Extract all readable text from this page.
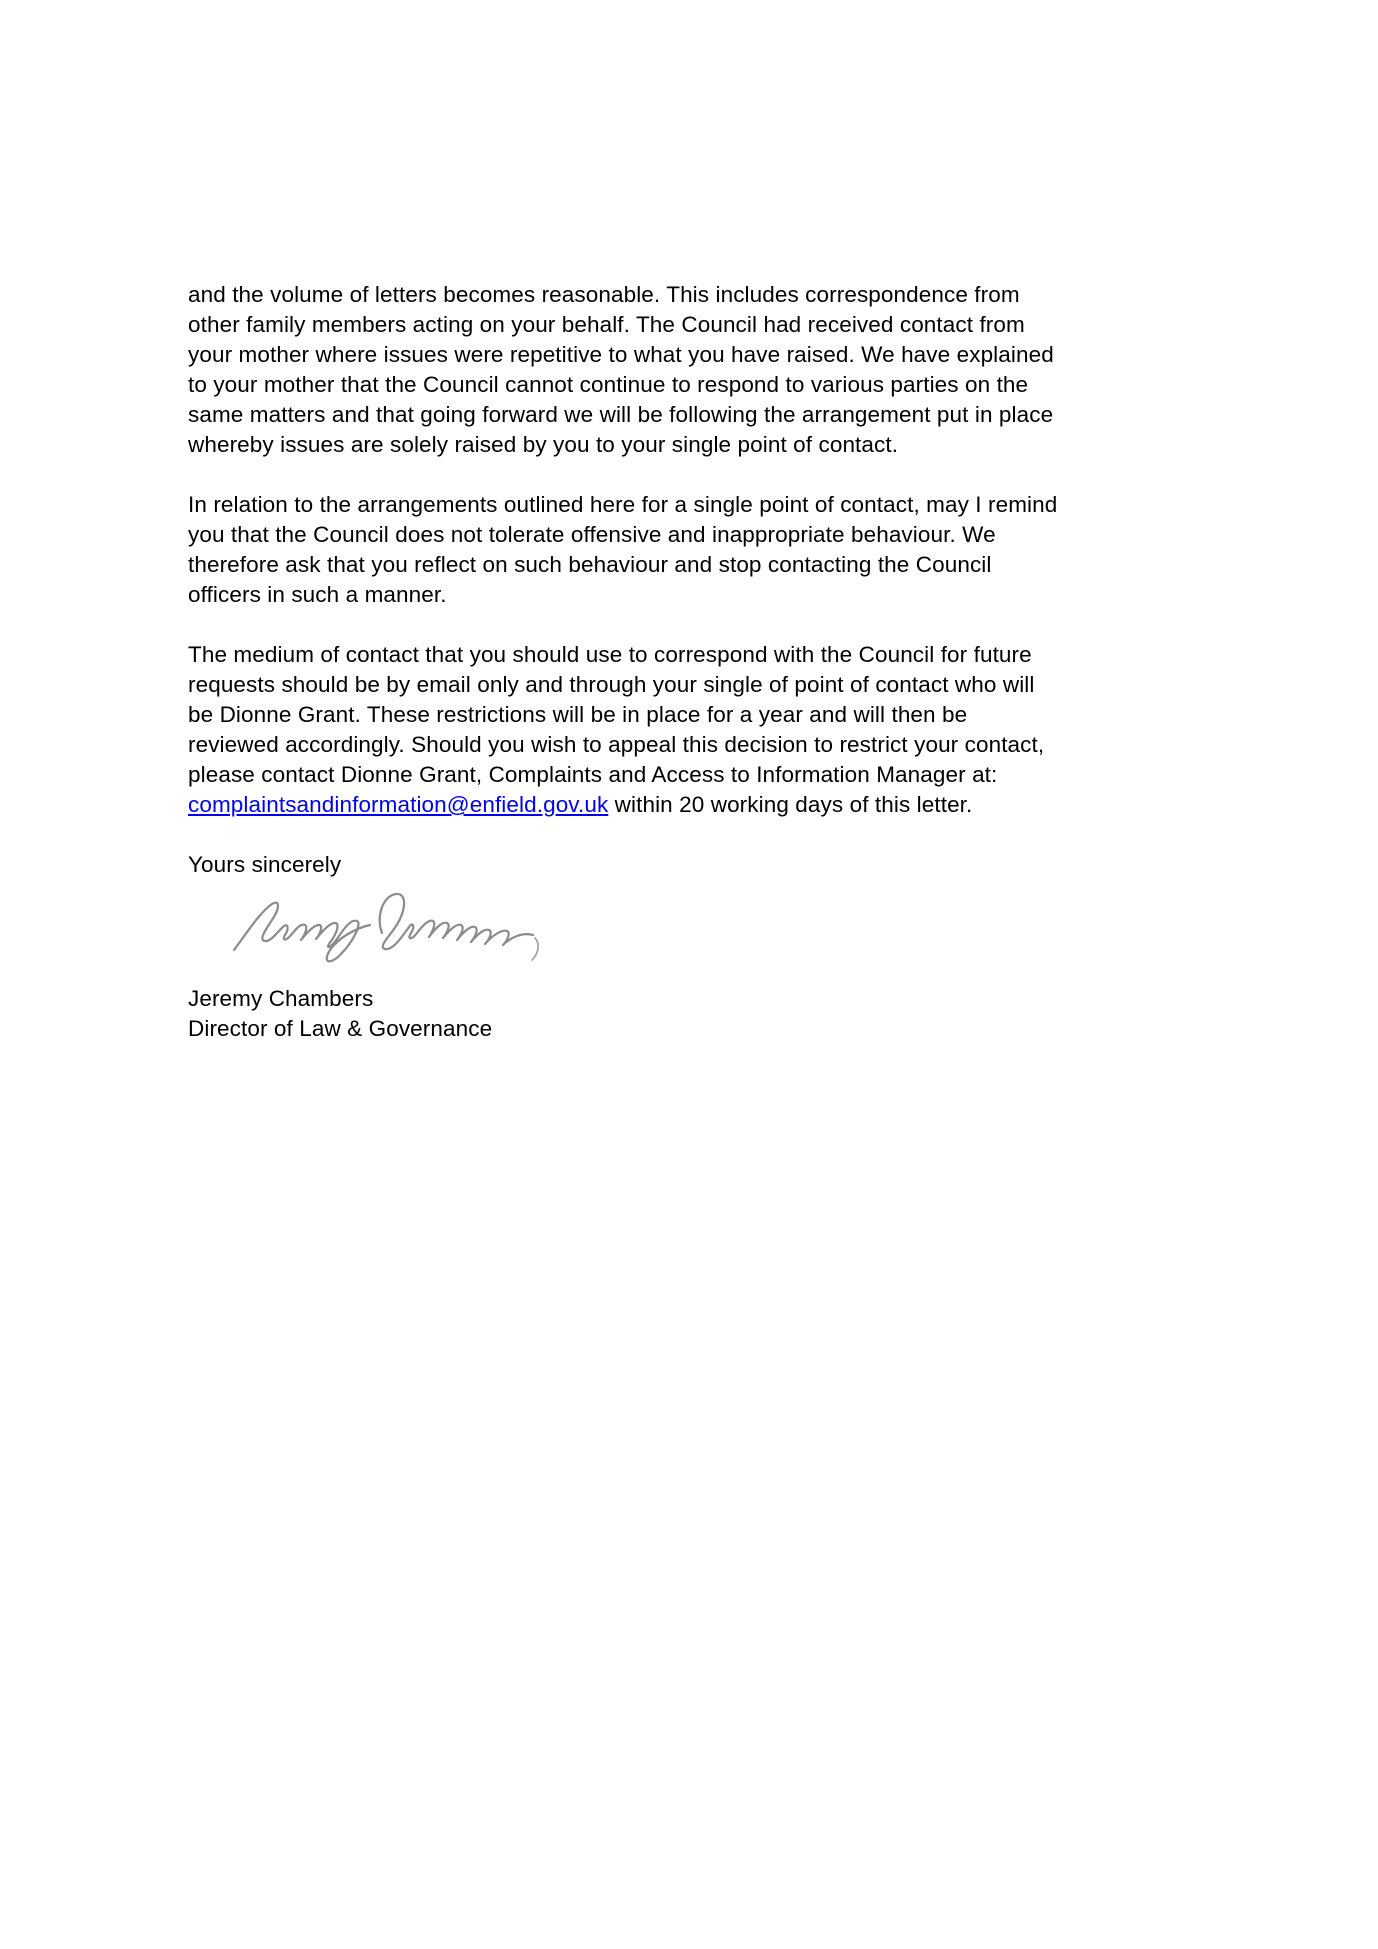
and the volume of letters becomes reasonable. This includes correspondence from
other family members acting on your behalf. The Council had received contact from
your mother where issues were repetitive to what you have raised. We have explained
to your mother that the Council cannot continue to respond to various parties on the
same matters and that going forward we will be following the arrangement put in place
whereby issues are solely raised by you to your single point of contact.

In relation to the arrangements outlined here for a single point of contact, may I remind
you that the Council does not tolerate offensive and inappropriate behaviour. We
therefore ask that you reflect on such behaviour and stop contacting the Council
officers in such a manner.

The medium of contact that you should use to correspond with the Council for future
requests should be by email only and through your single of point of contact who will
be Dionne Grant. These restrictions will be in place for a year and will then be
reviewed accordingly. Should you wish to appeal this decision to restrict your contact,
please contact Dionne Grant, Complaints and Access to Information Manager at:
complaintsandinformation@enfield.gov.uk within 20 working days of this letter.

Yours sincerely

Jeremy Chambers
Director of Law & Governance
